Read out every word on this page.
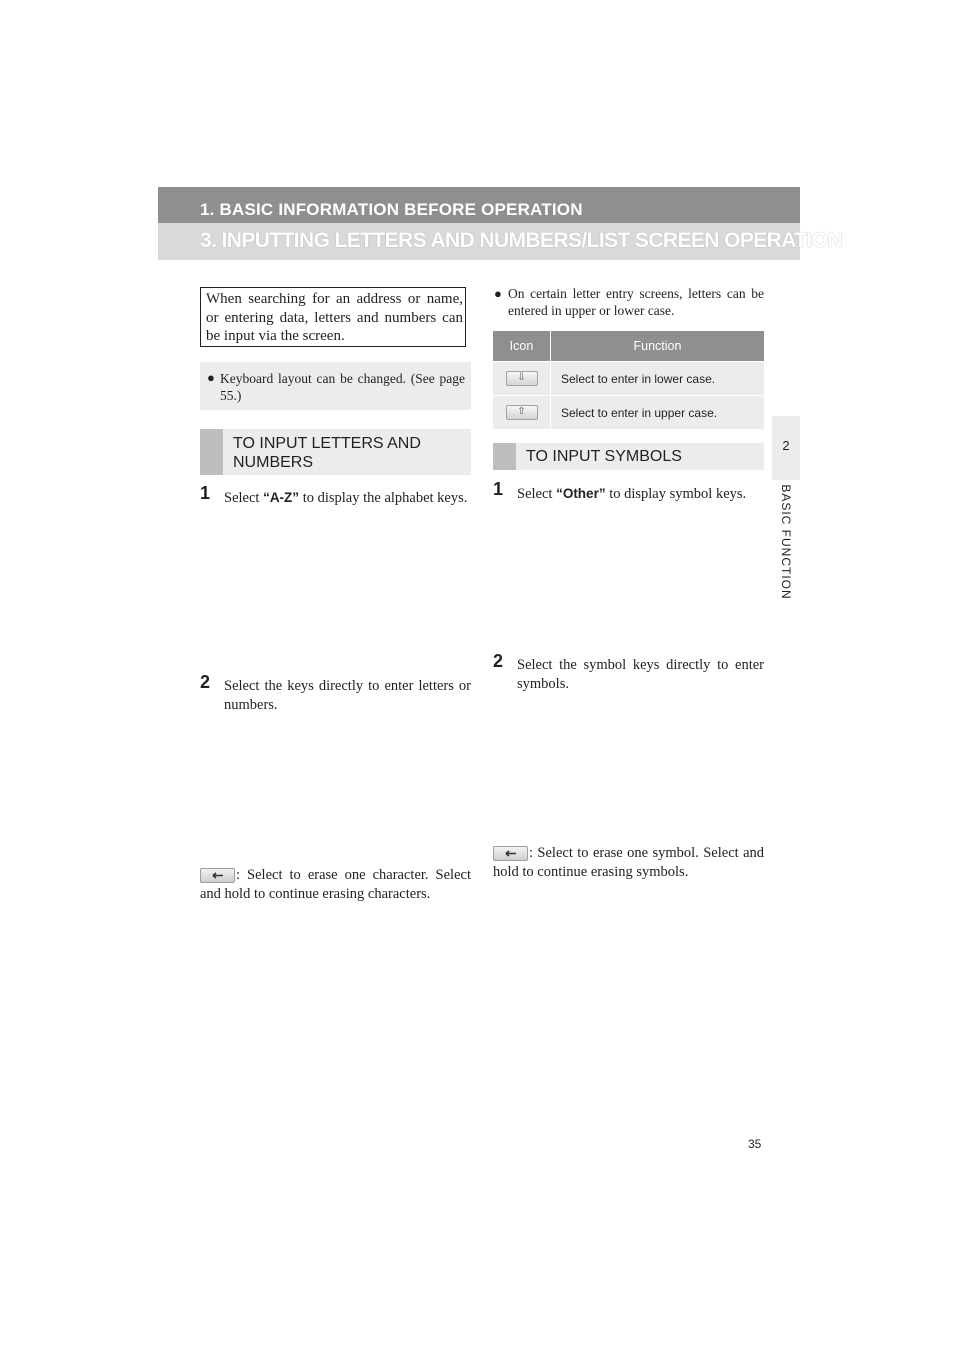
1. BASIC INFORMATION BEFORE OPERATION
3. INPUTTING LETTERS AND NUMBERS/LIST SCREEN OPERATION
2
BASIC FUNCTION
When searching for an address or name, or entering data, letters and numbers can be input via the screen.
● Keyboard layout can be changed. (See page 55.)
TO INPUT LETTERS AND NUMBERS
1 Select “A-Z” to display the alphabet keys.
2 Select the keys directly to enter letters or numbers.
: Select to erase one character. Select and hold to continue erasing characters.
● On certain letter entry screens, letters can be entered in upper or lower case.
Icon	Function
⇩	Select to enter in lower case.
⇧	Select to enter in upper case.
TO INPUT SYMBOLS
1 Select “Other” to display symbol keys.
2 Select the symbol keys directly to enter symbols.
: Select to erase one symbol. Select and hold to continue erasing symbols.
35
